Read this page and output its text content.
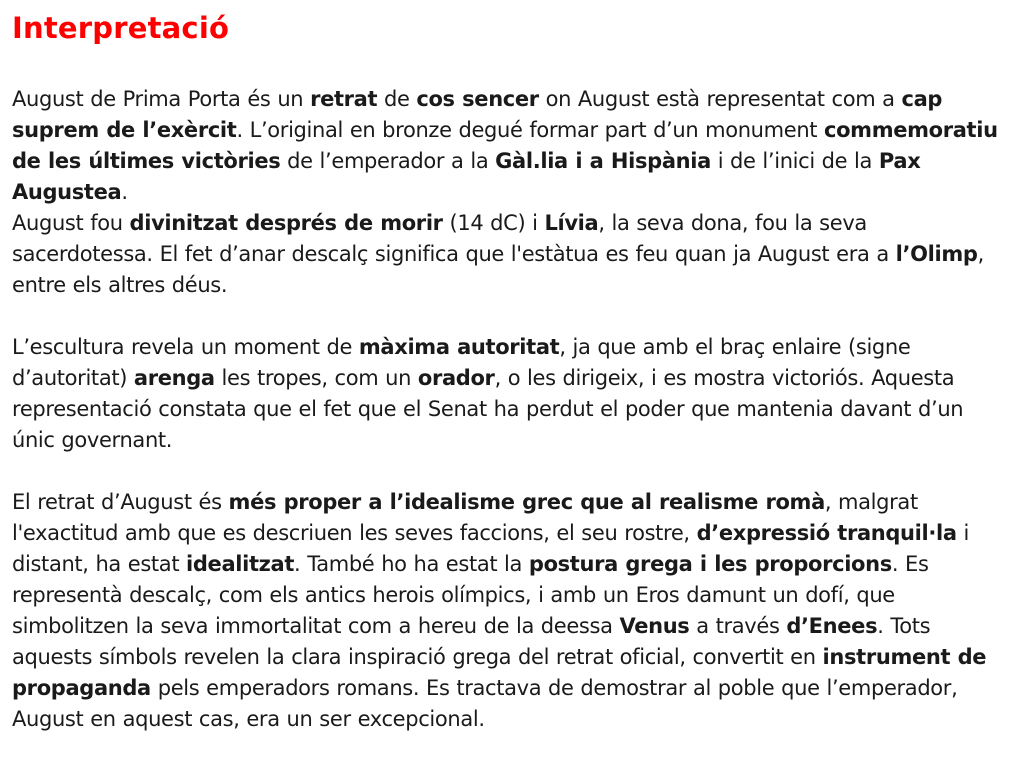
Interpretació

August de Prima Porta és un retrat de cos sencer on August està representat com a cap suprem de l’exèrcit. L’original en bronze degué formar part d’un monument commemoratiu de les últimes victòries de l’emperador a la Gàl.lia i a Hispània i de l’inici de la Pax Augustea.

August fou divinitzat després de morir (14 dC) i Lívia, la seva dona, fou la seva sacerdotessa. El fet d’anar descalç significa que l'estàtua es feu quan ja August era a l’Olimp, entre els altres déus.

L’escultura revela un moment de màxima autoritat, ja que amb el braç enlaire (signe d’autoritat) arenga les tropes, com un orador, o les dirigeix, i es mostra victoriós. Aquesta representació constata que el fet que el Senat ha perdut el poder que mantenia davant d’un únic governant.

El retrat d’August és més proper a l’idealisme grec que al realisme romà, malgrat l'exactitud amb que es descriuen les seves faccions, el seu rostre, d’expressió tranquil·la i distant, ha estat idealitzat. També ho ha estat la postura grega i les proporcions. Es representà descalç, com els antics herois olímpics, i amb un Eros damunt un dofí, que simbolitzen la seva immortalitat com a hereu de la deessa Venus a través d’Enees. Tots aquests símbols revelen la clara inspiració grega del retrat oficial, convertit en instrument de propaganda pels emperadors romans. Es tractava de demostrar al poble que l’emperador, August en aquest cas, era un ser excepcional.
